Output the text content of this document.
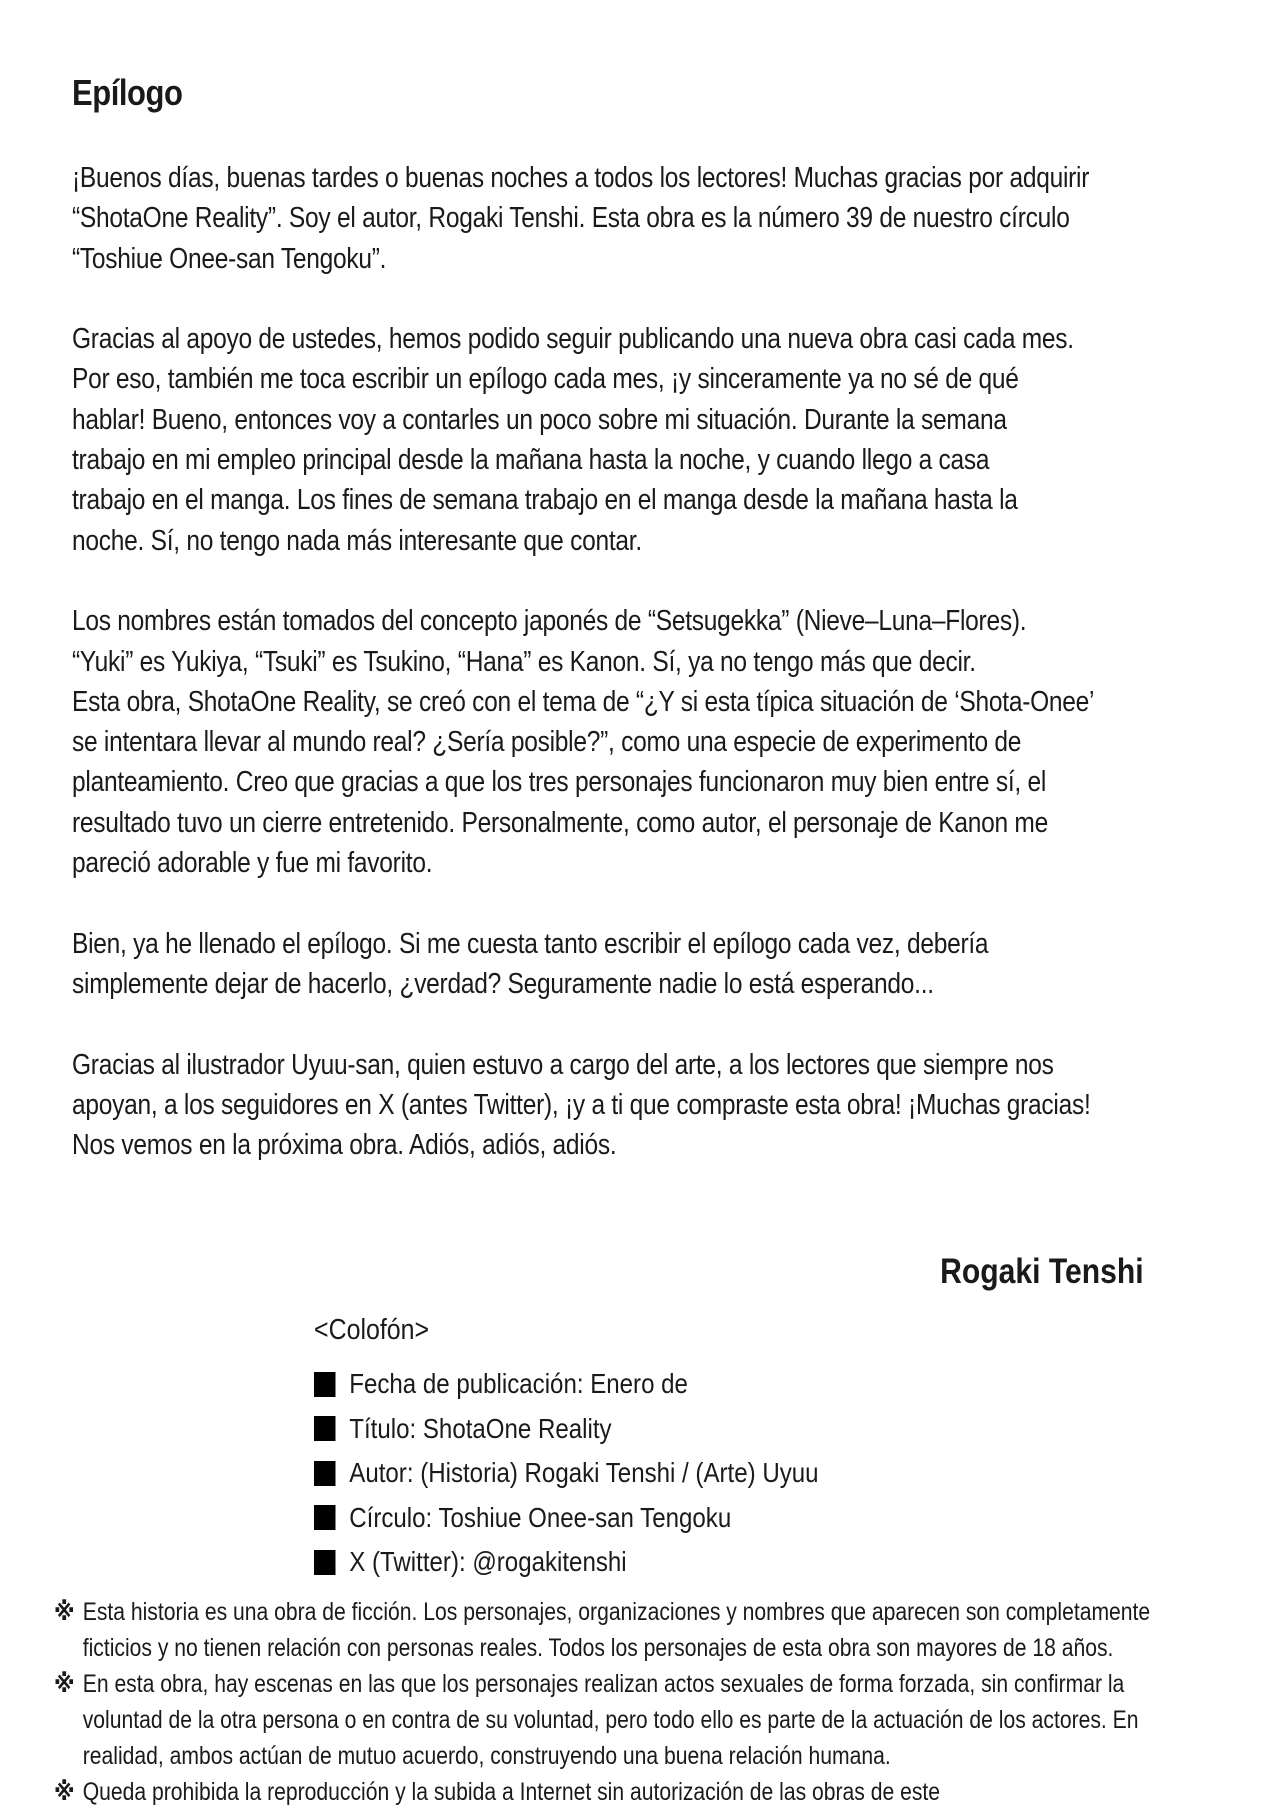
Epílogo

¡Buenos días, buenas tardes o buenas noches a todos los lectores! Muchas gracias por adquirir
“ShotaOne Reality”. Soy el autor, Rogaki Tenshi. Esta obra es la número 39 de nuestro círculo
“Toshiue Onee-san Tengoku”.

Gracias al apoyo de ustedes, hemos podido seguir publicando una nueva obra casi cada mes.
Por eso, también me toca escribir un epílogo cada mes, ¡y sinceramente ya no sé de qué
hablar! Bueno, entonces voy a contarles un poco sobre mi situación. Durante la semana
trabajo en mi empleo principal desde la mañana hasta la noche, y cuando llego a casa
trabajo en el manga. Los fines de semana trabajo en el manga desde la mañana hasta la
noche. Sí, no tengo nada más interesante que contar.

Los nombres están tomados del concepto japonés de “Setsugekka” (Nieve–Luna–Flores).
“Yuki” es Yukiya, “Tsuki” es Tsukino, “Hana” es Kanon. Sí, ya no tengo más que decir.
Esta obra, ShotaOne Reality, se creó con el tema de “¿Y si esta típica situación de ‘Shota-Onee’
se intentara llevar al mundo real? ¿Sería posible?”, como una especie de experimento de
planteamiento. Creo que gracias a que los tres personajes funcionaron muy bien entre sí, el
resultado tuvo un cierre entretenido. Personalmente, como autor, el personaje de Kanon me
pareció adorable y fue mi favorito.

Bien, ya he llenado el epílogo. Si me cuesta tanto escribir el epílogo cada vez, debería
simplemente dejar de hacerlo, ¿verdad? Seguramente nadie lo está esperando...

Gracias al ilustrador Uyuu-san, quien estuvo a cargo del arte, a los lectores que siempre nos
apoyan, a los seguidores en X (antes Twitter), ¡y a ti que compraste esta obra! ¡Muchas gracias!
Nos vemos en la próxima obra. Adiós, adiós, adiós.

Rogaki Tenshi
<Colofón>
Fecha de publicación: Enero de
Título: ShotaOne Reality
Autor: (Historia) Rogaki Tenshi / (Arte) Uyuu
Círculo: Toshiue Onee-san Tengoku
X (Twitter): @rogakitenshi
※ Esta historia es una obra de ficción. Los personajes, organizaciones y nombres que aparecen son completamente
ficticios y no tienen relación con personas reales. Todos los personajes de esta obra son mayores de 18 años.
※ En esta obra, hay escenas en las que los personajes realizan actos sexuales de forma forzada, sin confirmar la
voluntad de la otra persona o en contra de su voluntad, pero todo ello es parte de la actuación de los actores. En
realidad, ambos actúan de mutuo acuerdo, construyendo una buena relación humana.
※ Queda prohibida la reproducción y la subida a Internet sin autorización de las obras de este
